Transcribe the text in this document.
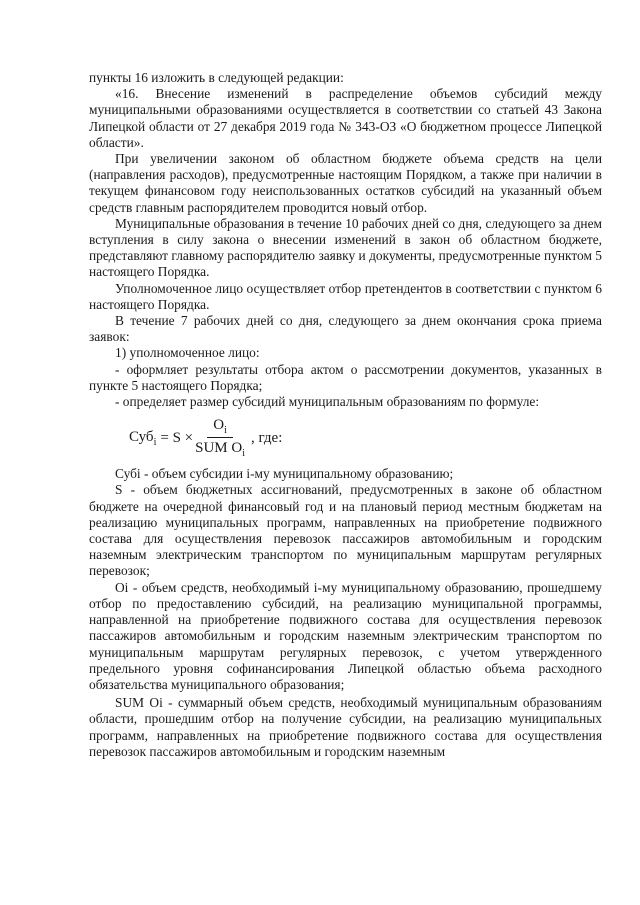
пункты 16 изложить в следующей редакции:

«16. Внесение изменений в распределение объемов субсидий между муниципальными образованиями осуществляется в соответствии со статьей 43 Закона Липецкой области от 27 декабря 2019 года № 343-ОЗ «О бюджетном процессе Липецкой области».

При увеличении законом об областном бюджете объема средств на цели (направления расходов), предусмотренные настоящим Порядком, а также при наличии в текущем финансовом году неиспользованных остатков субсидий на указанный объем средств главным распорядителем проводится новый отбор.

Муниципальные образования в течение 10 рабочих дней со дня, следующего за днем вступления в силу закона о внесении изменений в закон об областном бюджете, представляют главному распорядителю заявку и документы, предусмотренные пунктом 5 настоящего Порядка.

Уполномоченное лицо осуществляет отбор претендентов в соответствии с пунктом 6 настоящего Порядка.

В течение 7 рабочих дней со дня, следующего за днем окончания срока приема заявок:

1) уполномоченное лицо:

- оформляет результаты отбора актом о рассмотрении документов, указанных в пункте 5 настоящего Порядка;

- определяет размер субсидий муниципальным образованиям по формуле:

$Суб_i = S \times \frac{O_i}{SUM O_i}$ , где:

Субi - объем субсидии i-му муниципальному образованию;

S - объем бюджетных ассигнований, предусмотренных в законе об областном бюджете на очередной финансовый год и на плановый период местным бюджетам на реализацию муниципальных программ, направленных на приобретение подвижного состава для осуществления перевозок пассажиров автомобильным и городским наземным электрическим транспортом по муниципальным маршрутам регулярных перевозок;

Oi - объем средств, необходимый i-му муниципальному образованию, прошедшему отбор по предоставлению субсидий, на реализацию муниципальной программы, направленной на приобретение подвижного состава для осуществления перевозок пассажиров автомобильным и городским наземным электрическим транспортом по муниципальным маршрутам регулярных перевозок, с учетом утвержденного предельного уровня софинансирования Липецкой областью объема расходного обязательства муниципального образования;

SUM Oi - суммарный объем средств, необходимый муниципальным образованиям области, прошедшим отбор на получение субсидии, на реализацию муниципальных программ, направленных на приобретение подвижного состава для осуществления перевозок пассажиров автомобильным и городским наземным
